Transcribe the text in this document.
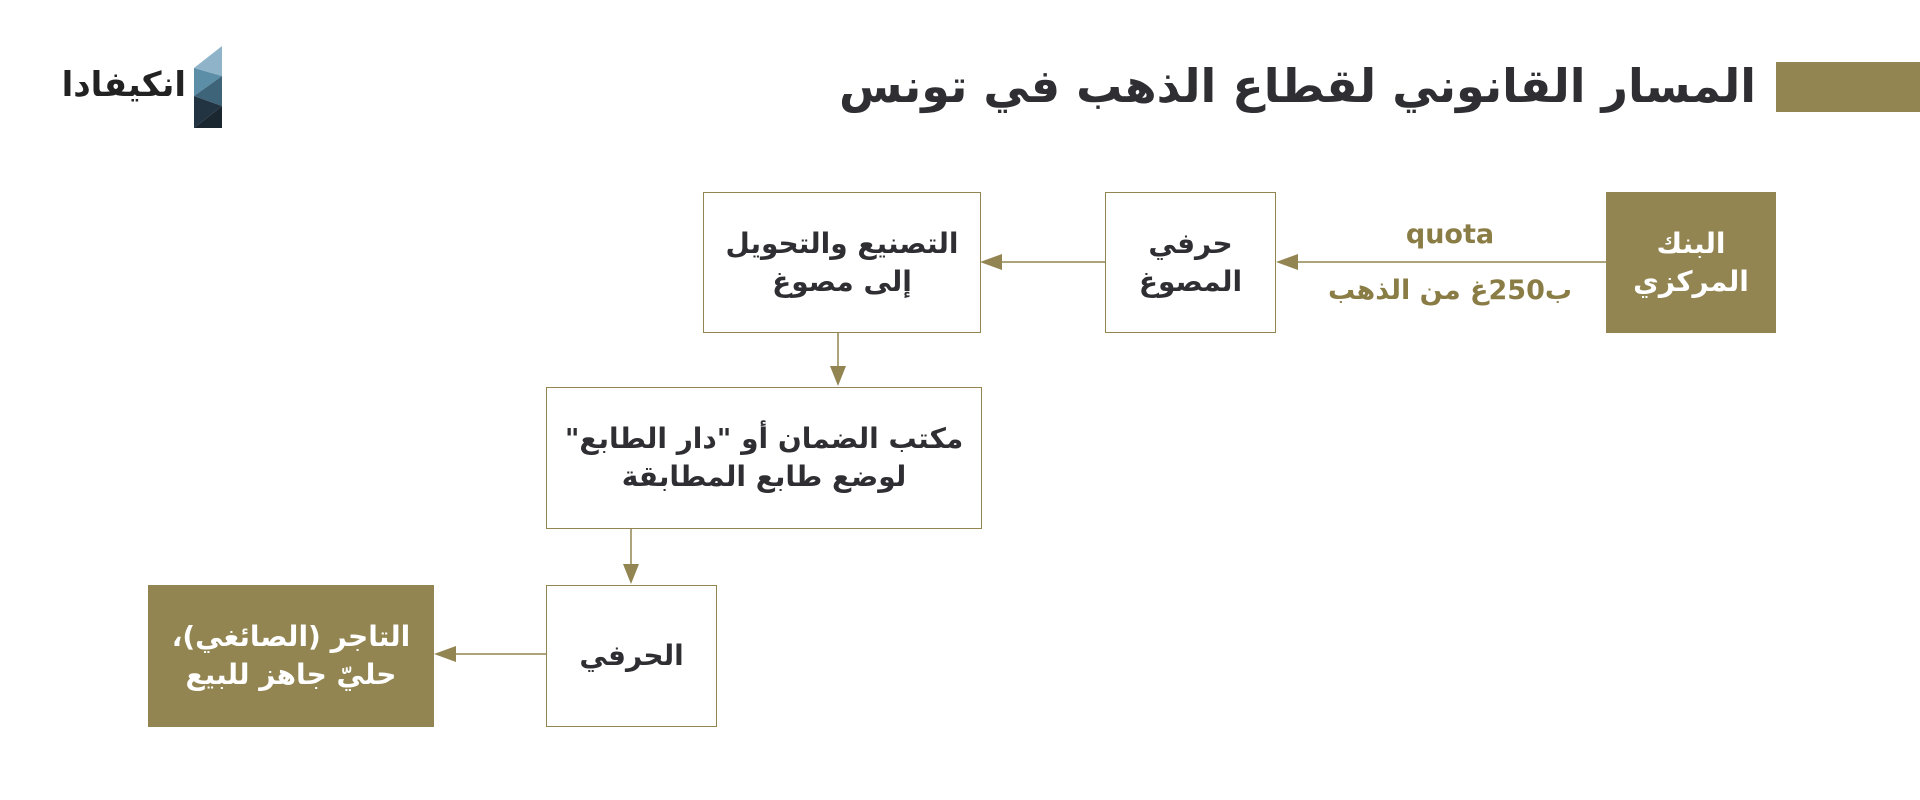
المسار القانوني لقطاع الذهب في تونس
انكيفادا
quota
ب250غ من الذهب
البنك
المركزي
حرفي
المصوغ
التصنيع والتحويل
إلى مصوغ
مكتب الضمان أو "دار الطابع"
لوضع طابع المطابقة
الحرفي
التاجر (الصائغي)،
حليّ جاهز للبيع
